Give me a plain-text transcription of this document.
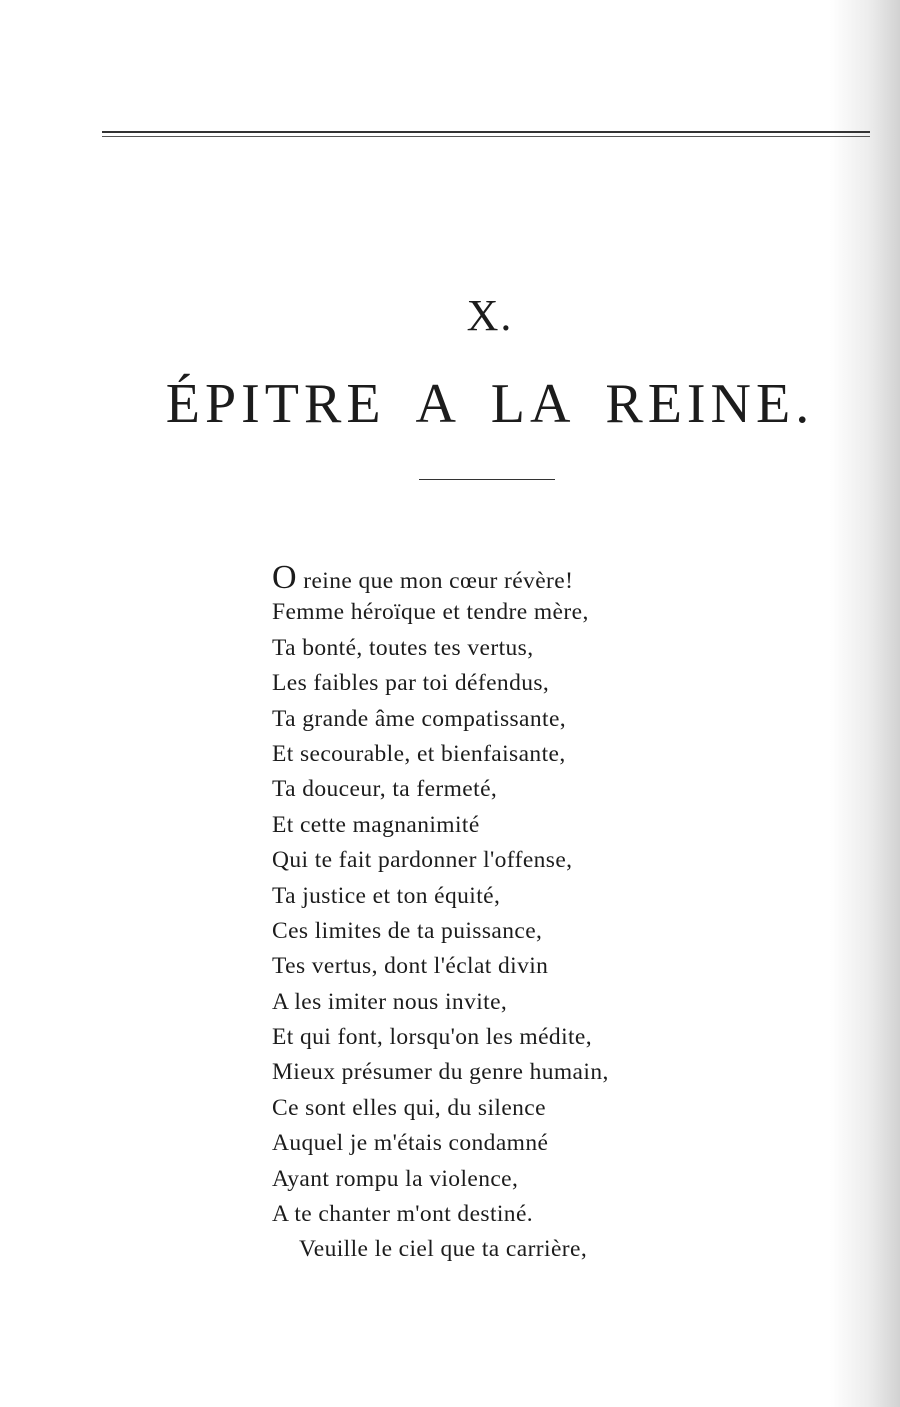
X.
ÉPITRE A LA REINE.
O reine que mon cœur révère!
Femme héroïque et tendre mère,
Ta bonté, toutes tes vertus,
Les faibles par toi défendus,
Ta grande âme compatissante,
Et secourable, et bienfaisante,
Ta douceur, ta fermeté,
Et cette magnanimité
Qui te fait pardonner l'offense,
Ta justice et ton équité,
Ces limites de ta puissance,
Tes vertus, dont l'éclat divin
A les imiter nous invite,
Et qui font, lorsqu'on les médite,
Mieux présumer du genre humain,
Ce sont elles qui, du silence
Auquel je m'étais condamné
Ayant rompu la violence,
A te chanter m'ont destiné.
Veuille le ciel que ta carrière,
